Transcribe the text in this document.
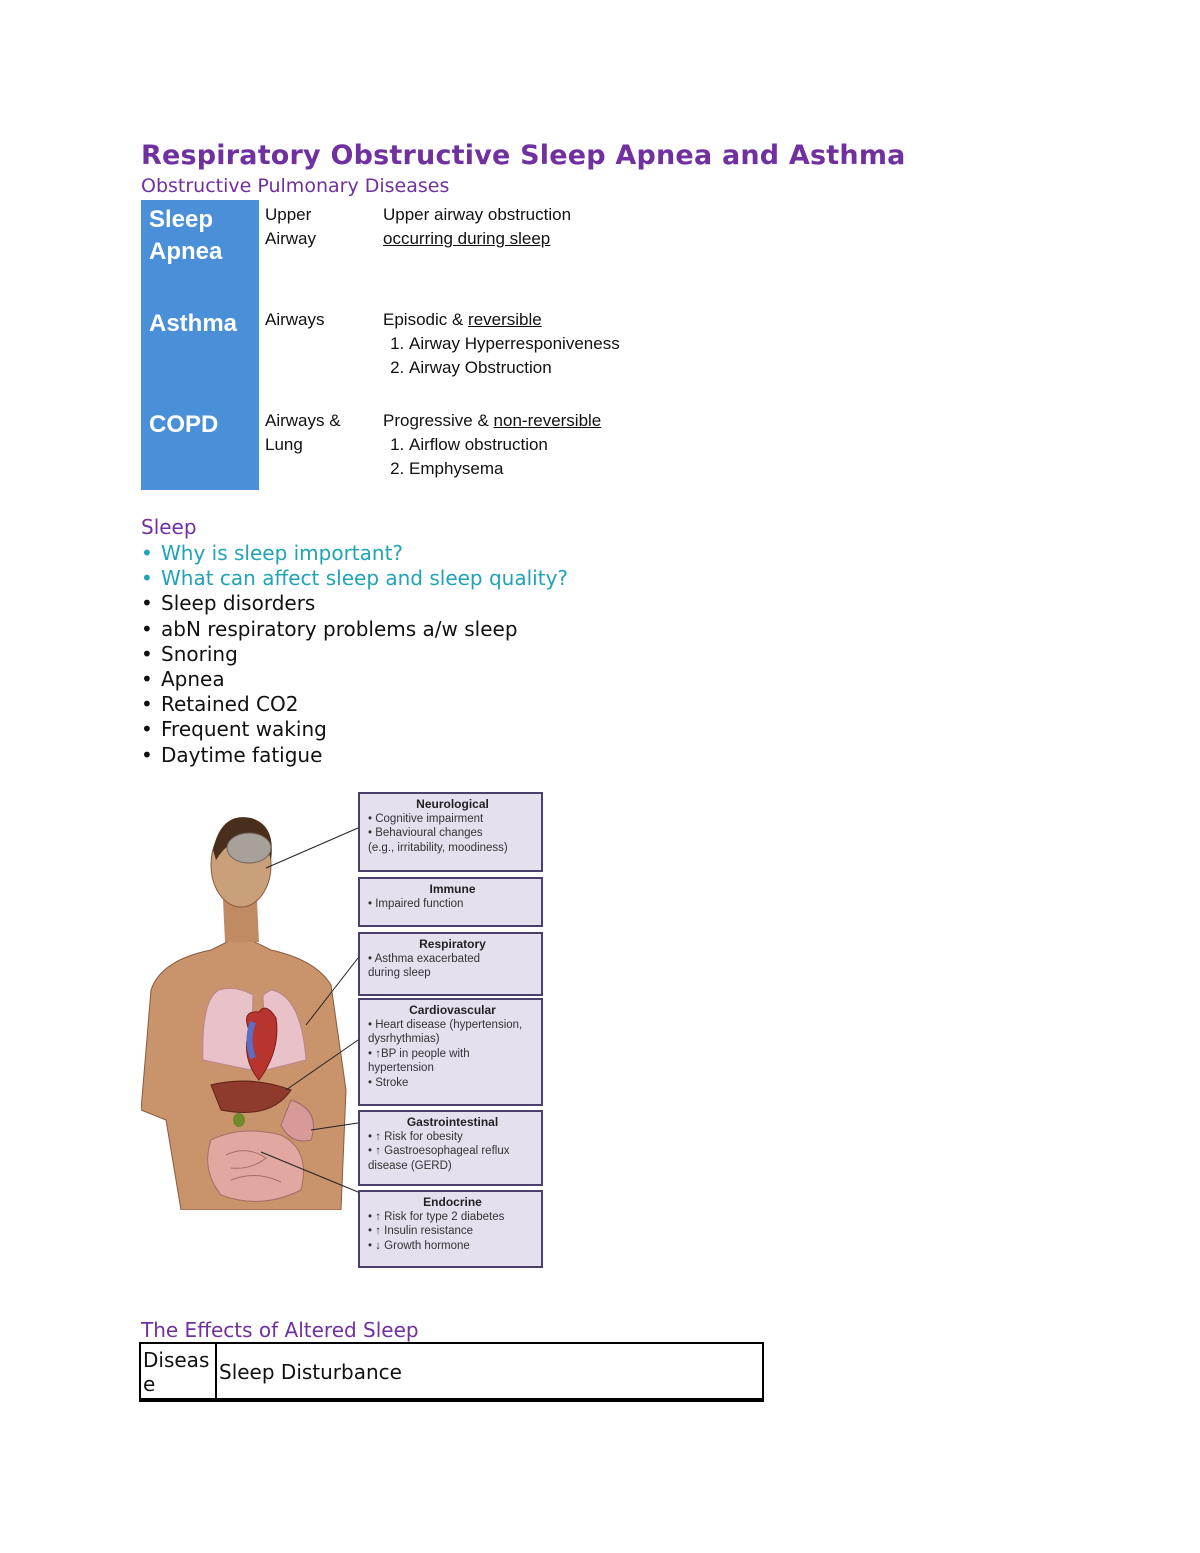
Respiratory Obstructive Sleep Apnea and Asthma
Obstructive Pulmonary Diseases
Sleep
Apnea
Asthma
COPD
Upper
Airway
Airways
Airways &
Lung
Upper airway obstruction
occurring during sleep
Episodic & reversible
1. Airway Hyperresponiveness
2. Airway Obstruction
Progressive & non-reversible
1. Airflow obstruction
2. Emphysema
Sleep
• Why is sleep important?
• What can affect sleep and sleep quality?
• Sleep disorders
• abN respiratory problems a/w sleep
• Snoring
• Apnea
• Retained CO2
• Frequent waking
• Daytime fatigue
Neurological
• Cognitive impairment
• Behavioural changes
(e.g., irritability, moodiness)
Immune
• Impaired function
Respiratory
• Asthma exacerbated
during sleep
Cardiovascular
• Heart disease (hypertension,
dysrhythmias)
• ↑BP in people with
hypertension
• Stroke
Gastrointestinal
• ↑ Risk for obesity
• ↑ Gastroesophageal reflux
disease (GERD)
Endocrine
• ↑ Risk for type 2 diabetes
• ↑ Insulin resistance
• ↓ Growth hormone
The Effects of Altered Sleep
Disease	Sleep Disturbance
